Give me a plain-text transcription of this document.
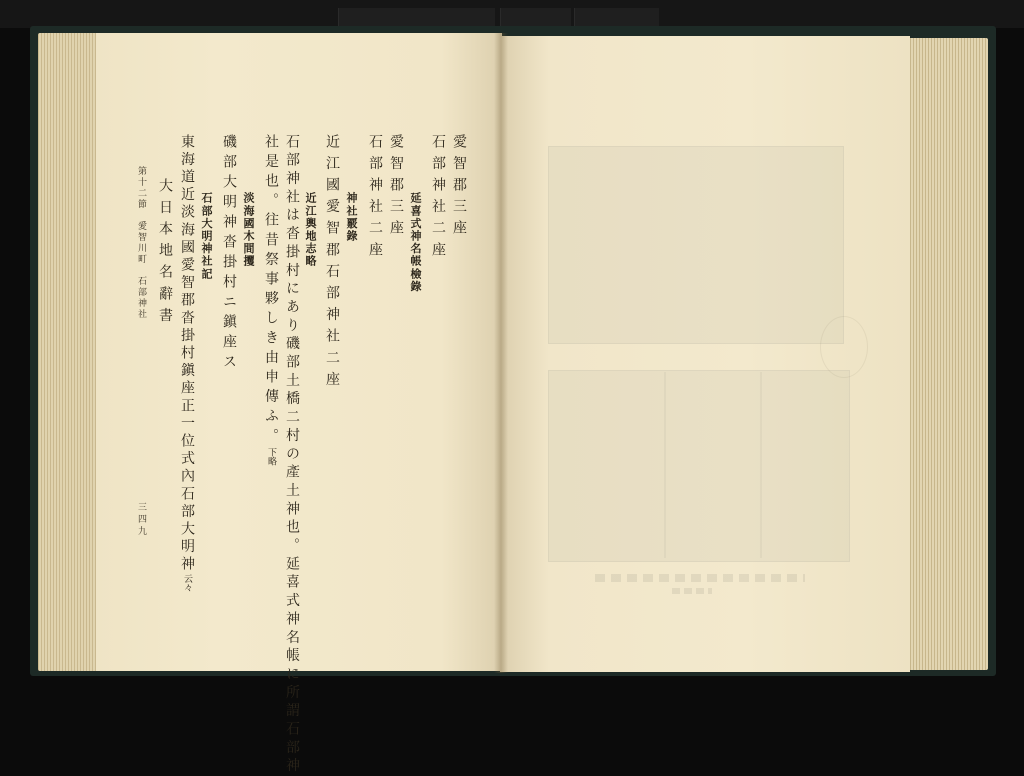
愛智郡三座
石部神社二座
延喜式神名帳檢錄
愛智郡三座
石部神社二座
神社覈錄
近江國愛智郡石部神社二座
近江輿地志略
石部神社は沓掛村にあり磯部土橋二村の產土神也。延喜式神名帳に所謂石部神
社是也。往昔祭事夥しき由申傳ふ。下略
淡海國木間攫
磯部大明神沓掛村ニ鎭座ス
石部大明神社記
東海道近淡海國愛智郡沓掛村鎭座正一位式內石部大明神云々
大日本地名辭書
第十二節　愛智川町　石部神社
三四九
